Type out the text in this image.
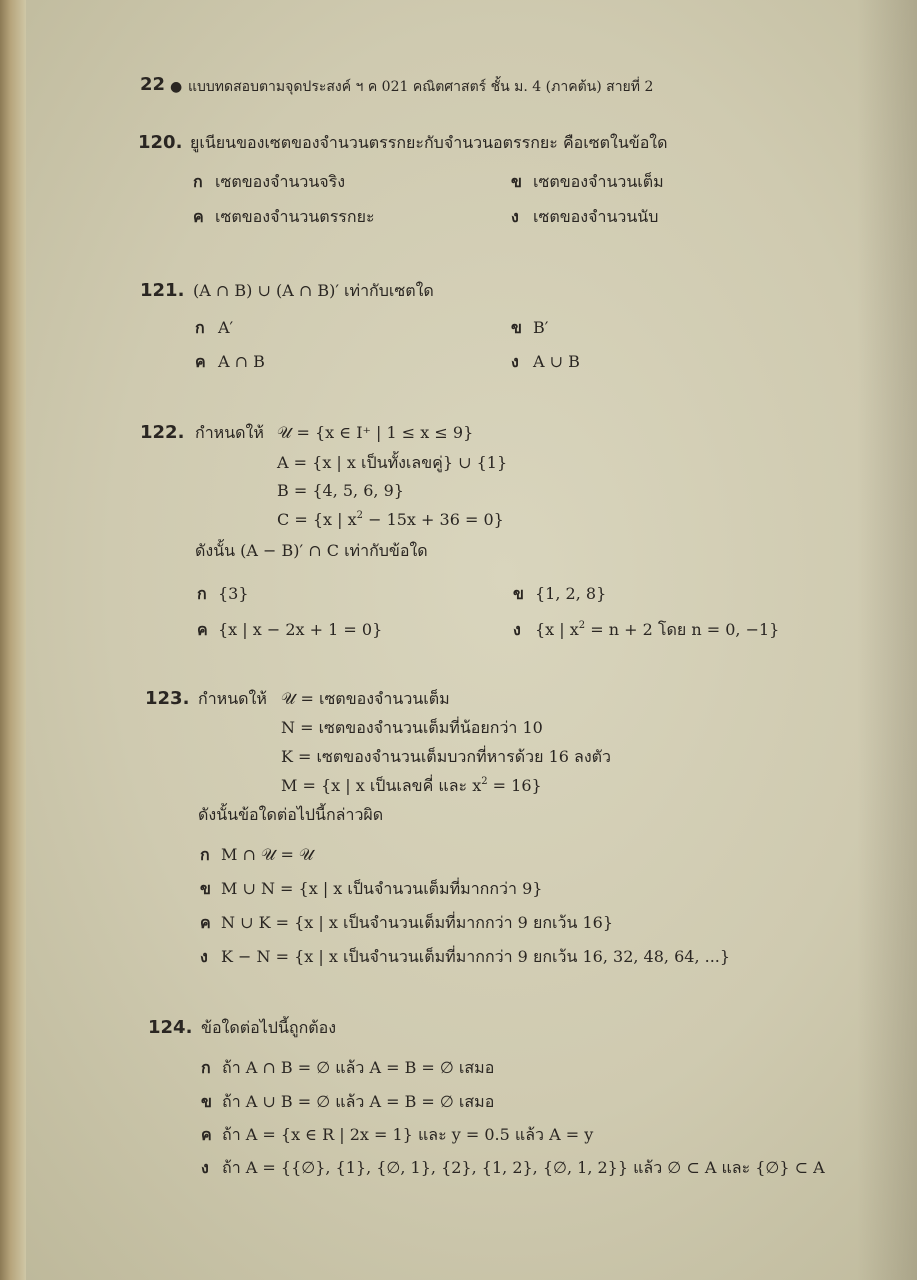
22 ● แบบทดสอบตามจุดประสงค์ ฯ ค 021 คณิตศาสตร์ ชั้น ม. 4 (ภาคต้น) สายที่ 2
120. ยูเนียนของเซตของจำนวนตรรกยะกับจำนวนอตรรกยะ คือเซตในข้อใด
ก เซตของจำนวนจริง	ข เซตของจำนวนเต็ม
ค เซตของจำนวนตรรกยะ	ง เซตของจำนวนนับ
121. (A ∩ B) ∪ (A ∩ B)′ เท่ากับเซตใด
ก A′	ข B′
ค A ∩ B	ง A ∪ B
122. กำหนดให้ 𝒰 = {x ∈ I⁺ | 1 ≤ x ≤ 9}
A = {x | x เป็นทั้งเลขคู่} ∪ {1}
B = {4, 5, 6, 9}
C = {x | $x^2 - 15x + 36 = 0$}
ดังนั้น (A − B)′ ∩ C เท่ากับข้อใด
ก {3}	ข {1, 2, 8}
ค {x | x − 2x + 1 = 0}	ง {x | $x^2 = n + 2$ โดย n = 0, −1}
123. กำหนดให้ 𝒰 = เซตของจำนวนเต็ม
N = เซตของจำนวนเต็มที่น้อยกว่า 10
K = เซตของจำนวนเต็มบวกที่หารด้วย 16 ลงตัว
M = {x | x เป็นเลขคี่ และ $x^2 = 16$}
ดังนั้นข้อใดต่อไปนี้กล่าวผิด
ก M ∩ 𝒰 = 𝒰
ข M ∪ N = {x | x เป็นจำนวนเต็มที่มากกว่า 9}
ค N ∪ K = {x | x เป็นจำนวนเต็มที่มากกว่า 9 ยกเว้น 16}
ง K − N = {x | x เป็นจำนวนเต็มที่มากกว่า 9 ยกเว้น 16, 32, 48, 64, ...}
124. ข้อใดต่อไปนี้ถูกต้อง
ก ถ้า A ∩ B = ∅ แล้ว A = B = ∅ เสมอ
ข ถ้า A ∪ B = ∅ แล้ว A = B = ∅ เสมอ
ค ถ้า A = {x ∈ R | 2x = 1} และ y = 0.5 แล้ว A = y
ง ถ้า A = {{∅}, {1}, {∅, 1}, {2}, {1, 2}, {∅, 1, 2}} แล้ว ∅ ⊂ A และ {∅} ⊂ A
